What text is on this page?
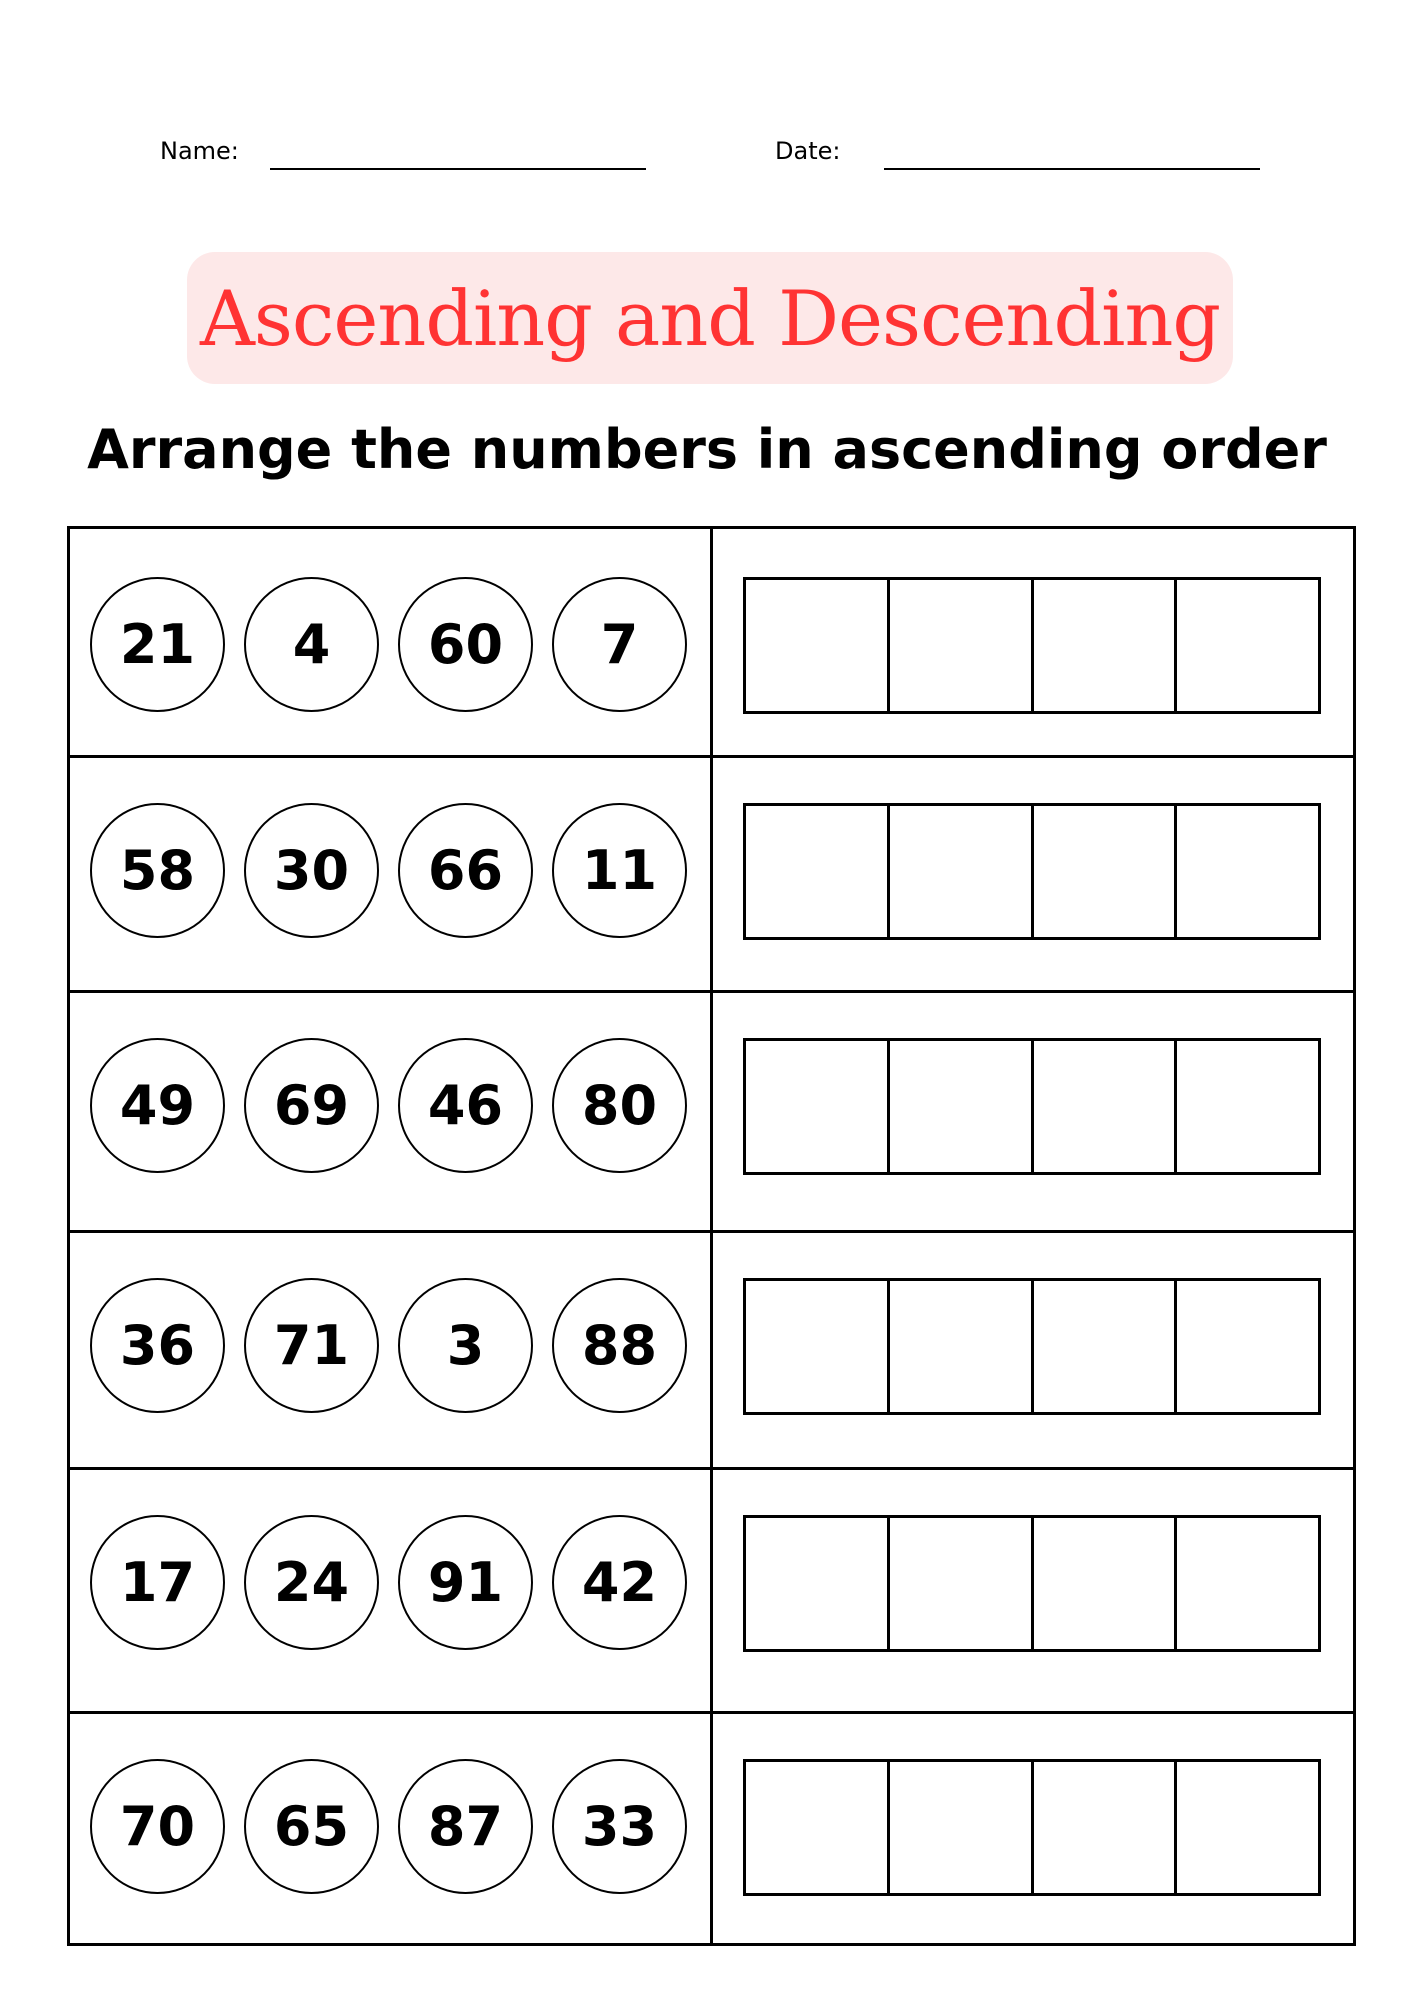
Name:	Date:
Ascending and Descending
Arrange the numbers in ascending order
21	4	60	7
58	30	66	11
49	69	46	80
36	71	3	88
17	24	91	42
70	65	87	33
